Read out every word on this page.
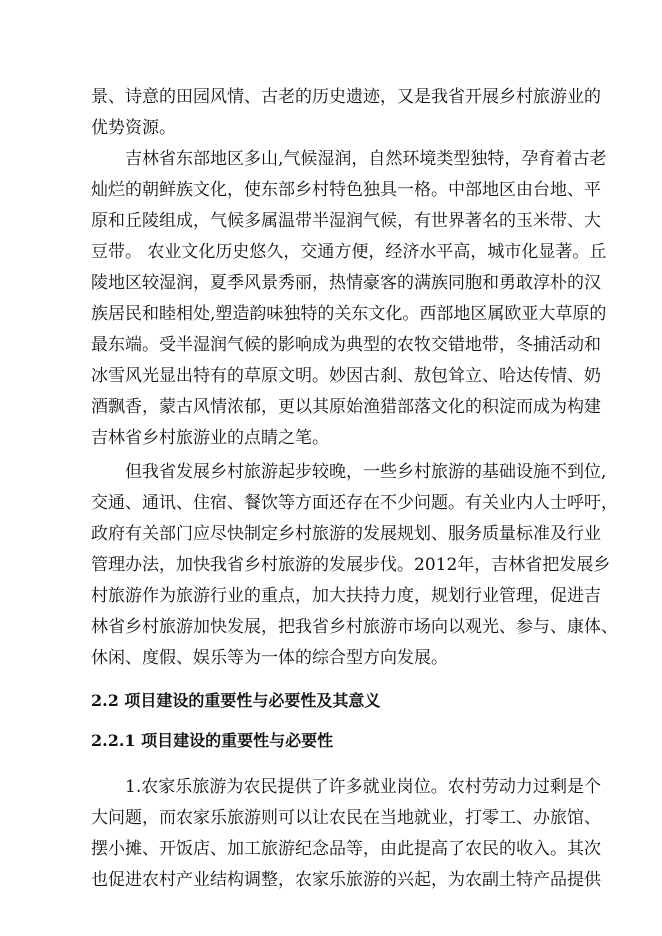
景、诗意的田园风情、古老的历史遗迹，又是我省开展乡村旅游业的
优势资源。
吉林省东部地区多山,气候湿润，自然环境类型独特，孕育着古老
灿烂的朝鲜族文化，使东部乡村特色独具一格。中部地区由台地、平
原和丘陵组成，气候多属温带半湿润气候，有世界著名的玉米带、大
豆带。 农业文化历史悠久，交通方便，经济水平高，城市化显著。丘
陵地区较湿润，夏季风景秀丽，热情豪客的满族同胞和勇敢淳朴的汉
族居民和睦相处,塑造韵味独特的关东文化。西部地区属欧亚大草原的
最东端。受半湿润气候的影响成为典型的农牧交错地带，冬捕活动和
冰雪风光显出特有的草原文明。妙因古刹、敖包耸立、哈达传情、奶
酒飘香，蒙古风情浓郁，更以其原始渔猎部落文化的积淀而成为构建
吉林省乡村旅游业的点睛之笔。
但我省发展乡村旅游起步较晚，一些乡村旅游的基础设施不到位,
交通、通讯、住宿、餐饮等方面还存在不少问题。有关业内人士呼吁，
政府有关部门应尽快制定乡村旅游的发展规划、服务质量标准及行业
管理办法，加快我省乡村旅游的发展步伐。2012年，吉林省把发展乡
村旅游作为旅游行业的重点，加大扶持力度，规划行业管理，促进吉
林省乡村旅游加快发展，把我省乡村旅游市场向以观光、参与、康体、
休闲、度假、娱乐等为一体的综合型方向发展。
2.2 项目建设的重要性与必要性及其意义
2.2.1 项目建设的重要性与必要性
1.农家乐旅游为农民提供了许多就业岗位。农村劳动力过剩是个
大问题，而农家乐旅游则可以让农民在当地就业，打零工、办旅馆、
摆小摊、开饭店、加工旅游纪念品等，由此提高了农民的收入。其次
也促进农村产业结构调整，农家乐旅游的兴起，为农副土特产品提供
